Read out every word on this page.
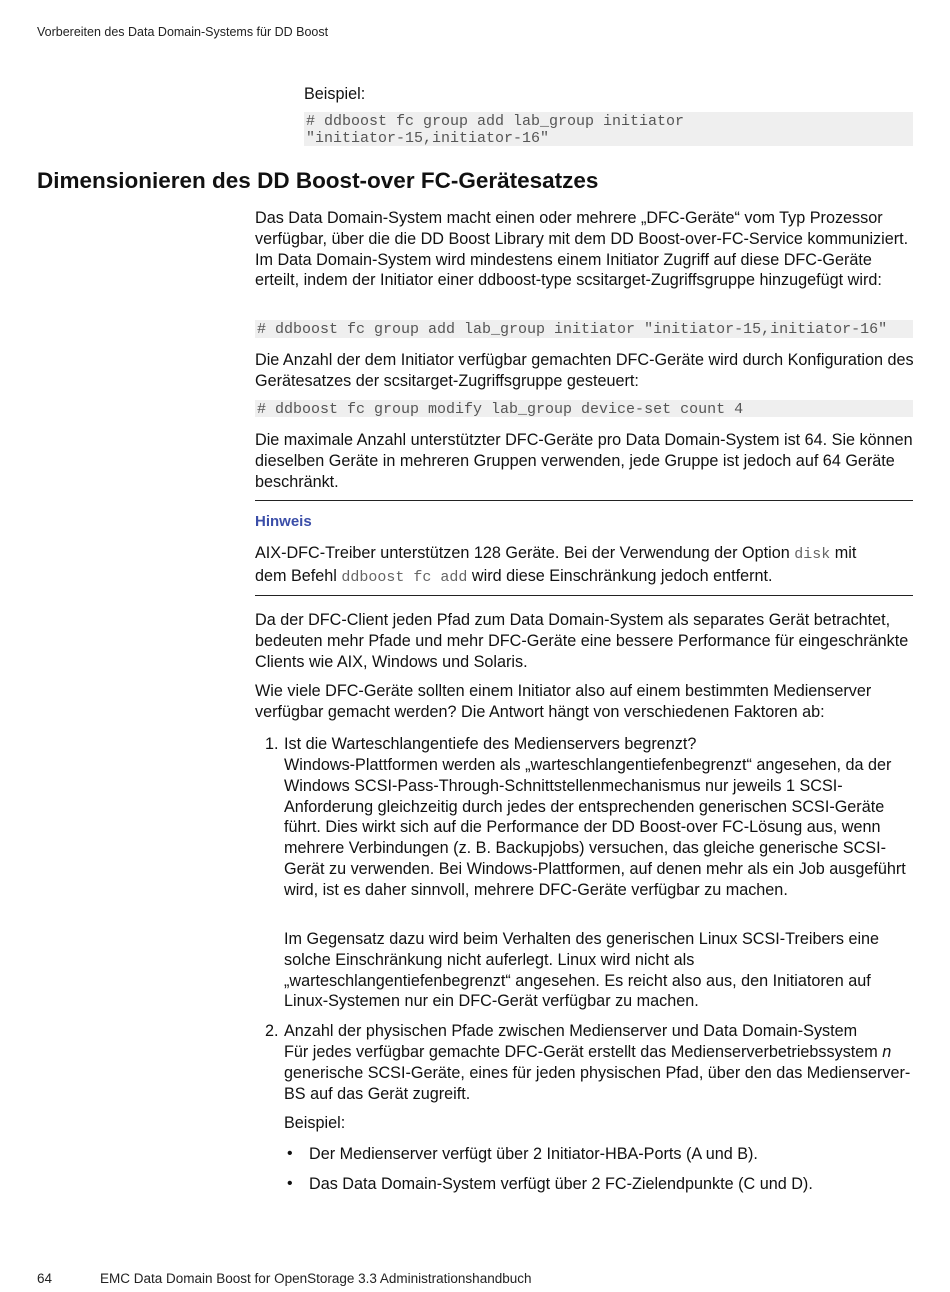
Vorbereiten des Data Domain-Systems für DD Boost
Beispiel:
# ddboost fc group add lab_group initiator
"initiator-15,initiator-16"
Dimensionieren des DD Boost-over FC-Gerätesatzes
Das Data Domain-System macht einen oder mehrere „DFC-Geräte“ vom Typ Prozessor verfügbar, über die die DD Boost Library mit dem DD Boost-over-FC-Service kommuniziert. Im Data Domain-System wird mindestens einem Initiator Zugriff auf diese DFC-Geräte erteilt, indem der Initiator einer ddboost-type scsitarget-Zugriffsgruppe hinzugefügt wird:
# ddboost fc group add lab_group initiator "initiator-15,initiator-16"
Die Anzahl der dem Initiator verfügbar gemachten DFC-Geräte wird durch Konfiguration des Gerätesatzes der scsitarget-Zugriffsgruppe gesteuert:
# ddboost fc group modify lab_group device-set count 4
Die maximale Anzahl unterstützter DFC-Geräte pro Data Domain-System ist 64. Sie können dieselben Geräte in mehreren Gruppen verwenden, jede Gruppe ist jedoch auf 64 Geräte beschränkt.
Hinweis
AIX-DFC-Treiber unterstützen 128 Geräte. Bei der Verwendung der Option disk mit
dem Befehl ddboost fc add wird diese Einschränkung jedoch entfernt.
Da der DFC-Client jeden Pfad zum Data Domain-System als separates Gerät betrachtet, bedeuten mehr Pfade und mehr DFC-Geräte eine bessere Performance für eingeschränkte Clients wie AIX, Windows und Solaris.
Wie viele DFC-Geräte sollten einem Initiator also auf einem bestimmten Medienserver verfügbar gemacht werden? Die Antwort hängt von verschiedenen Faktoren ab:
1. Ist die Warteschlangentiefe des Medienservers begrenzt?
Windows-Plattformen werden als „warteschlangentiefenbegrenzt“ angesehen, da der Windows SCSI-Pass-Through-Schnittstellenmechanismus nur jeweils 1 SCSI-Anforderung gleichzeitig durch jedes der entsprechenden generischen SCSI-Geräte führt. Dies wirkt sich auf die Performance der DD Boost-over FC-Lösung aus, wenn mehrere Verbindungen (z. B. Backupjobs) versuchen, das gleiche generische SCSI-Gerät zu verwenden. Bei Windows-Plattformen, auf denen mehr als ein Job ausgeführt wird, ist es daher sinnvoll, mehrere DFC-Geräte verfügbar zu machen.
Im Gegensatz dazu wird beim Verhalten des generischen Linux SCSI-Treibers eine solche Einschränkung nicht auferlegt. Linux wird nicht als „warteschlangentiefenbegrenzt“ angesehen. Es reicht also aus, den Initiatoren auf Linux-Systemen nur ein DFC-Gerät verfügbar zu machen.
2. Anzahl der physischen Pfade zwischen Medienserver und Data Domain-System
Für jedes verfügbar gemachte DFC-Gerät erstellt das Medienserverbetriebssystem n generische SCSI-Geräte, eines für jeden physischen Pfad, über den das Medienserver-BS auf das Gerät zugreift.
Beispiel:
• Der Medienserver verfügt über 2 Initiator-HBA-Ports (A und B).
• Das Data Domain-System verfügt über 2 FC-Zielendpunkte (C und D).
64	EMC Data Domain Boost for OpenStorage 3.3 Administrationshandbuch
